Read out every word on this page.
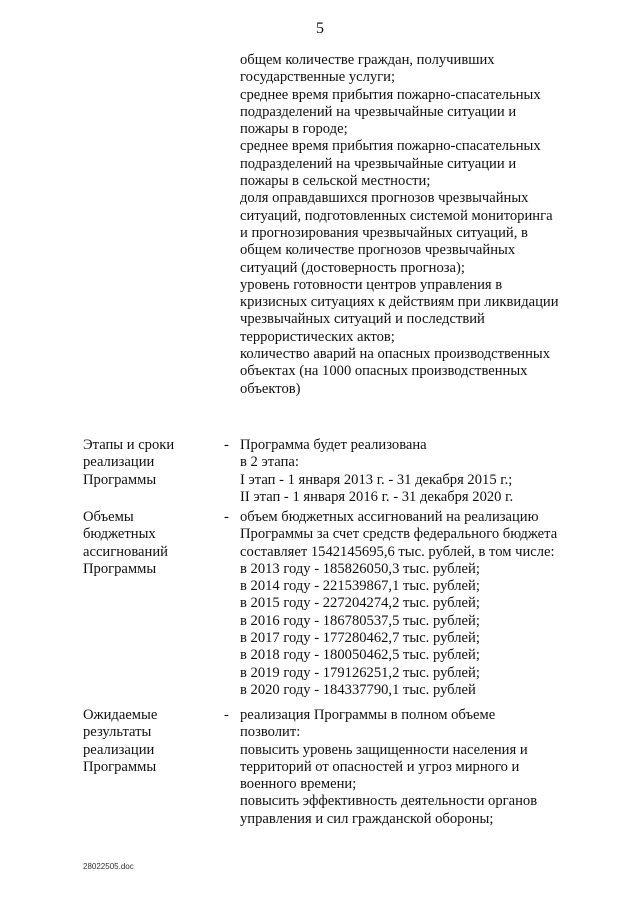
5
общем количестве граждан, получивших
государственные услуги;
среднее время прибытия пожарно-спасательных
подразделений на чрезвычайные ситуации и
пожары в городе;
среднее время прибытия пожарно-спасательных
подразделений на чрезвычайные ситуации и
пожары в сельской местности;
доля оправдавшихся прогнозов чрезвычайных
ситуаций, подготовленных системой мониторинга
и прогнозирования чрезвычайных ситуаций, в
общем количестве прогнозов чрезвычайных
ситуаций (достоверность прогноза);
уровень готовности центров управления в
кризисных ситуациях к действиям при ликвидации
чрезвычайных ситуаций и последствий
террористических актов;
количество аварий на опасных производственных
объектах (на 1000 опасных производственных
объектов)
Этапы и сроки
реализации
Программы
- Программа будет реализована
в 2 этапа:
I этап - 1 января 2013 г. - 31 декабря 2015 г.;
II этап - 1 января 2016 г. - 31 декабря 2020 г.
Объемы
бюджетных
ассигнований
Программы
- объем бюджетных ассигнований на реализацию
Программы за счет средств федерального бюджета
составляет 1542145695,6 тыс. рублей, в том числе:
в 2013 году - 185826050,3 тыс. рублей;
в 2014 году - 221539867,1 тыс. рублей;
в 2015 году - 227204274,2 тыс. рублей;
в 2016 году - 186780537,5 тыс. рублей;
в 2017 году - 177280462,7 тыс. рублей;
в 2018 году - 180050462,5 тыс. рублей;
в 2019 году - 179126251,2 тыс. рублей;
в 2020 году - 184337790,1 тыс. рублей
Ожидаемые
результаты
реализации
Программы
- реализация Программы в полном объеме
позволит:
повысить уровень защищенности населения и
территорий от опасностей и угроз мирного и
военного времени;
повысить эффективность деятельности органов
управления и сил гражданской обороны;
28022505.doc
